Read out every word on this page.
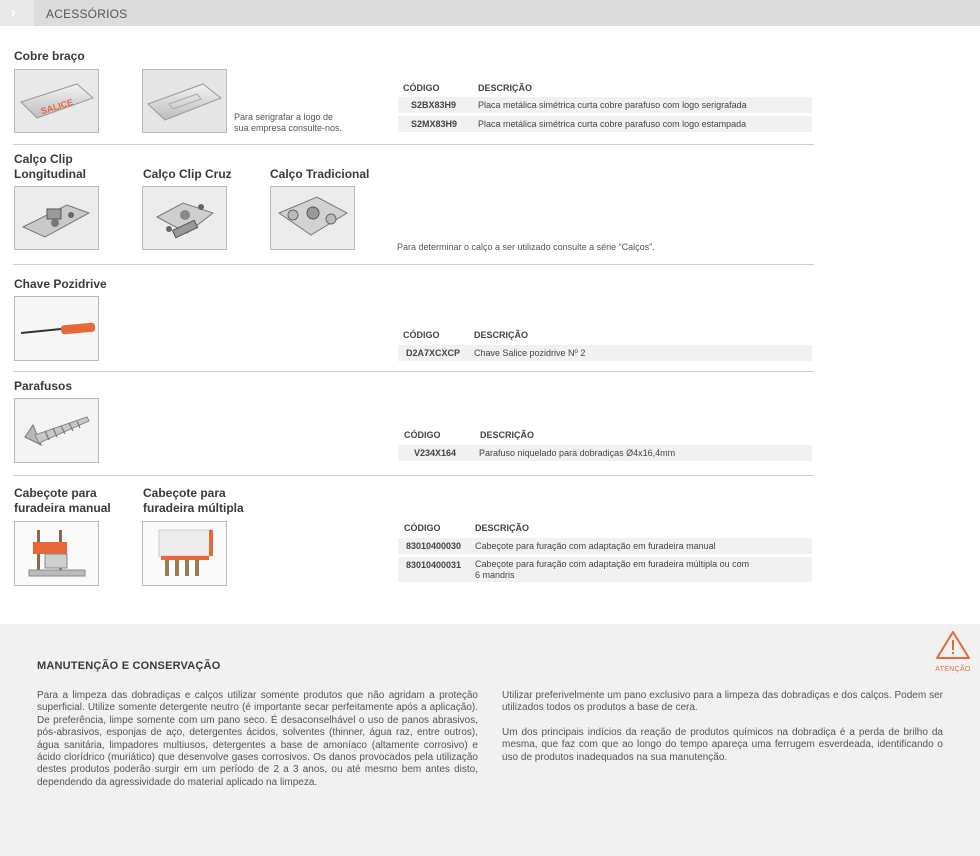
›	ACESSÓRIOS
Cobre braço
SALICE
Para serigrafar a logo de
sua empresa consulte-nos.
CÓDIGO	DESCRIÇÃO
S2BX83H9 Placa metálica simétrica curta cobre parafuso com logo serigrafada
S2MX83H9 Placa metálica simétrica curta cobre parafuso com logo estampada
Calço Clip
Longitudinal	Calço Clip Cruz	Calço Tradicional
Para determinar o calço a ser utilizado consulte a série “Calços”.
Chave Pozidrive
CÓDIGO	DESCRIÇÃO
D2A7XCXCP Chave Salice pozidrive Nº 2
Parafusos
CÓDIGO	DESCRIÇÃO
V234X164	Parafuso niquelado para dobradiças Ø4x16,4mm
Cabeçote para
furadeira manual
Cabeçote para
furadeira múltipla
CÓDIGO	DESCRIÇÃO
83010400030 Cabeçote para furação com adaptação em furadeira manual
83010400031 Cabeçote para furação com adaptação em furadeira múltipla ou com
6 mandris
ATENÇÃO
MANUTENÇÃO E CONSERVAÇÃO

Para a limpeza das dobradiças e calços utilizar somente produtos que não agridam a proteção superficial. Utilize somente detergente neutro (é importante secar perfeitamente após a aplicação). De preferência, limpe somente com um pano seco. É desaconselhável o uso de panos abrasivos, pós-abrasivos, esponjas de aço, detergentes ácidos, solventes (thinner, água raz, entre outros), água sanitária, limpadores multiusos, detergentes a base de amoníaco (altamente corrosivo) e ácido clorídrico (muriático) que desenvolve gases corrosivos. Os danos provocados pela utilização destes produtos poderão surgir em um período de 2 a 3 anos, ou até mesmo bem antes disto, dependendo da agressividade do material aplicado na limpeza.

Utilizar preferivelmente um pano exclusivo para a limpeza das dobradiças e dos calços. Podem ser utilizados todos os produtos a base de cera.

Um dos principais indícios da reação de produtos químicos na dobradiça é a perda de brilho da mesma, que faz com que ao longo do tempo apareça uma ferrugem esverdeada, identificando o uso de produtos inadequados na sua manutenção.
